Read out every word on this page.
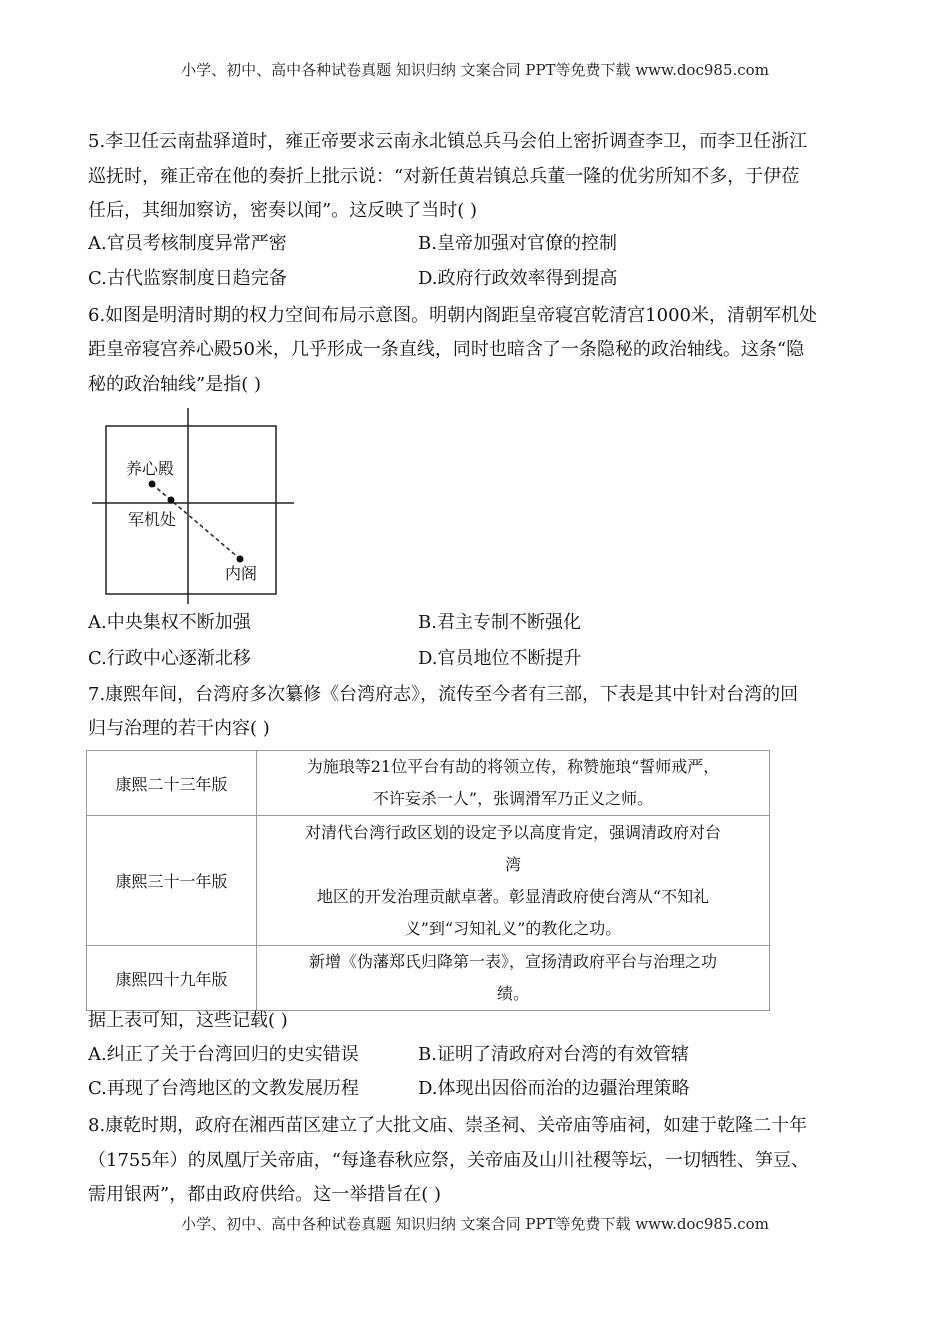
小学、初中、高中各种试卷真题 知识归纳 文案合同 PPT等免费下载 www.doc985.com
5.李卫任云南盐驿道时，雍正帝要求云南永北镇总兵马会伯上密折调查李卫，而李卫任浙江
巡抚时，雍正帝在他的奏折上批示说：“对新任黄岩镇总兵董一隆的优劣所知不多，于伊莅
任后，其细加察访，密奏以闻”。这反映了当时( )
A.官员考核制度异常严密	B.皇帝加强对官僚的控制
C.古代监察制度日趋完备	D.政府行政效率得到提高
6.如图是明清时期的权力空间布局示意图。明朝内阁距皇帝寝宫乾清宫1000米，清朝军机处
距皇帝寝宫养心殿50米，几乎形成一条直线，同时也暗含了一条隐秘的政治轴线。这条“隐
秘的政治轴线”是指( )
养心殿
军机处
内阁
A.中央集权不断加强	B.君主专制不断强化
C.行政中心逐渐北移	D.官员地位不断提升
7.康熙年间，台湾府多次纂修《台湾府志》，流传至今者有三部，下表是其中针对台湾的回
归与治理的若干内容( )
康熙二十三年版	为施琅等21位平台有劼的将领立传，称赞施琅“誓师戒严，
不许妄杀一人”，张调滑军乃正义之师。

康熙三十一年版	对清代台湾行政区划的设定予以高度肯定，强调清政府对台
湾
地区的开发治理贡献卓著。彰显清政府使台湾从“不知礼
义”到“习知礼义”的教化之功。

康熙四十九年版	新增《伪藩郑氏归降第一表》，宣扬清政府平台与治理之功
绩。
据上表可知，这些记载( )
A.纠正了关于台湾回归的史实错误	B.证明了清政府对台湾的有效管辖
C.再现了台湾地区的文教发展历程	D.体现出因俗而治的边疆治理策略
8.康乾时期，政府在湘西苗区建立了大批文庙、崇圣祠、关帝庙等庙祠，如建于乾隆二十年
（1755年）的凤凰厅关帝庙，“每逢春秋应祭，关帝庙及山川社稷等坛，一切牺牲、笋豆、
需用银两”，都由政府供给。这一举措旨在( )
小学、初中、高中各种试卷真题 知识归纳 文案合同 PPT等免费下载 www.doc985.com
